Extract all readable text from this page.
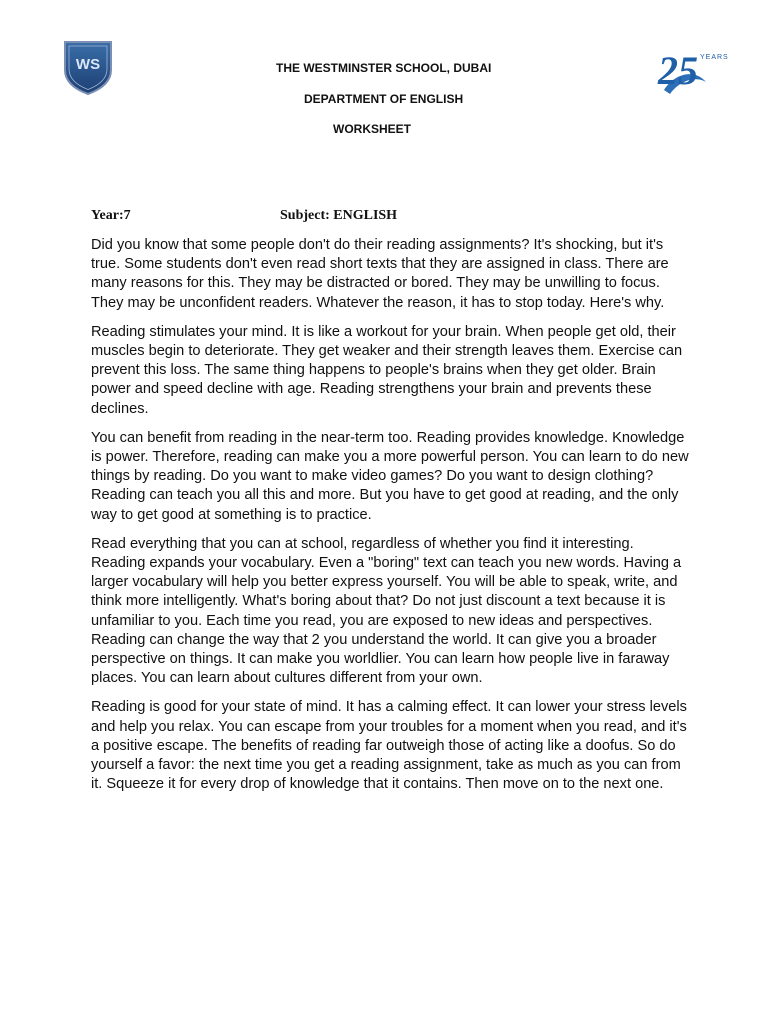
WS	25 YEARS
THE WESTMINSTER SCHOOL, DUBAI
DEPARTMENT OF ENGLISH
WORKSHEET
Year:7	Subject: ENGLISH

Did you know that some people don't do their reading assignments? It's shocking, but it's true. Some students don't even read short texts that they are assigned in class. There are many reasons for this. They may be distracted or bored. They may be unwilling to focus. They may be unconfident readers. Whatever the reason, it has to stop today. Here's why.

Reading stimulates your mind. It is like a workout for your brain. When people get old, their muscles begin to deteriorate. They get weaker and their strength leaves them. Exercise can prevent this loss. The same thing happens to people's brains when they get older. Brain power and speed decline with age. Reading strengthens your brain and prevents these declines.

You can benefit from reading in the near-term too. Reading provides knowledge. Knowledge is power. Therefore, reading can make you a more powerful person. You can learn to do new things by reading. Do you want to make video games? Do you want to design clothing? Reading can teach you all this and more. But you have to get good at reading, and the only way to get good at something is to practice.

Read everything that you can at school, regardless of whether you find it interesting. Reading expands your vocabulary. Even a "boring" text can teach you new words. Having a larger vocabulary will help you better express yourself. You will be able to speak, write, and think more intelligently. What's boring about that? Do not just discount a text because it is unfamiliar to you. Each time you read, you are exposed to new ideas and perspectives. Reading can change the way that 2 you understand the world. It can give you a broader perspective on things. It can make you worldlier. You can learn how people live in faraway places. You can learn about cultures different from your own.

Reading is good for your state of mind. It has a calming effect. It can lower your stress levels and help you relax. You can escape from your troubles for a moment when you read, and it's a positive escape. The benefits of reading far outweigh those of acting like a doofus. So do yourself a favor: the next time you get a reading assignment, take as much as you can from it. Squeeze it for every drop of knowledge that it contains. Then move on to the next one.
